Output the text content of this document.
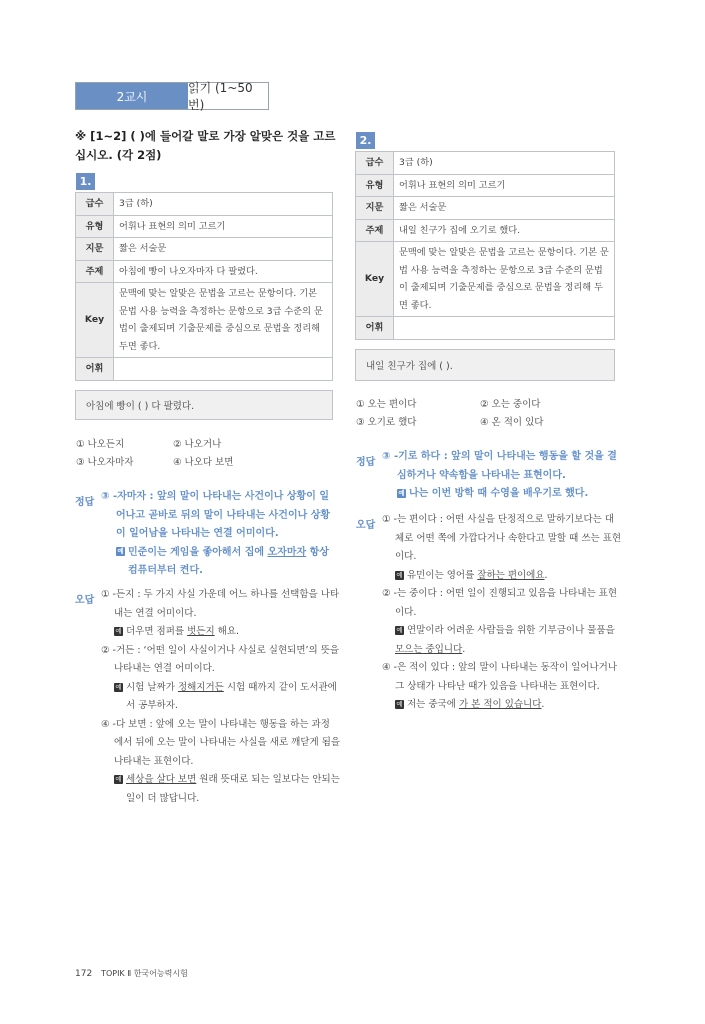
2교시
읽기 (1~50번)
※ [1~2] ( )에 들어갈 말로 가장 알맞은 것을 고르십시오. (각 2점)
1.
급수	3급 (하)
유형	어휘나 표현의 의미 고르기
지문	짧은 서술문
주제	아침에 빵이 나오자마자 다 팔렸다.
Key	문맥에 맞는 알맞은 문법을 고르는 문항이다. 기본 문법 사용 능력을 측정하는 문항으로 3급 수준의 문법이 출제되며 기출문제를 중심으로 문법을 정리해 두면 좋다.
어휘	
아침에 빵이 ( ) 다 팔렸다.
① 나오든지	② 나오거나
③ 나오자마자	④ 나오다 보면
정답
③ -자마자 : 앞의 말이 나타내는 사건이나 상황이 일
어나고 곧바로 뒤의 말이 나타내는 사건이나 상황
이 일어남을 나타내는 연결 어미이다.
예 민준이는 게임을 좋아해서 집에 오자마자 항상
컴퓨터부터 켠다.
오답
① -든지 : 두 가지 사실 가운데 어느 하나를 선택함을 나타
내는 연결 어미이다.
예 더우면 점퍼를 벗든지 해요.
② -거든 : ‘어떤 일이 사실이거나 사실로 실현되면’의 뜻을
나타내는 연결 어미이다.
예 시험 날짜가 정해지거든 시험 때까지 같이 도서관에
서 공부하자.
④ -다 보면 : 앞에 오는 말이 나타내는 행동을 하는 과정
에서 뒤에 오는 말이 나타내는 사실을 새로 깨닫게 됨을
나타내는 표현이다.
예 세상을 살다 보면 원래 뜻대로 되는 일보다는 안되는
일이 더 많답니다.
2.
급수	3급 (하)
유형	어휘나 표현의 의미 고르기
지문	짧은 서술문
주제	내일 친구가 집에 오기로 했다.
Key	문맥에 맞는 알맞은 문법을 고르는 문항이다. 기본 문법 사용 능력을 측정하는 문항으로 3급 수준의 문법이 출제되며 기출문제를 중심으로 문법을 정리해 두면 좋다.
어휘	
내일 친구가 집에 ( ).
① 오는 편이다	② 오는 중이다
③ 오기로 했다	④ 온 적이 있다
정답
③ -기로 하다 : 앞의 말이 나타내는 행동을 할 것을 결
심하거나 약속함을 나타내는 표현이다.
예 나는 이번 방학 때 수영을 배우기로 했다.
오답
① -는 편이다 : 어떤 사실을 단정적으로 말하기보다는 대
체로 어떤 쪽에 가깝다거나 속한다고 말할 때 쓰는 표현
이다.
예 유민이는 영어를 잘하는 편이에요.
② -는 중이다 : 어떤 일이 진행되고 있음을 나타내는 표현
이다.
예 연말이라 어려운 사람들을 위한 기부금이나 물품을
모으는 중입니다.
④ -은 적이 있다 : 앞의 말이 나타내는 동작이 일어나거나
그 상태가 나타난 때가 있음을 나타내는 표현이다.
예 저는 중국에 가 본 적이 있습니다.
172 TOPIK Ⅱ 한국어능력시험
